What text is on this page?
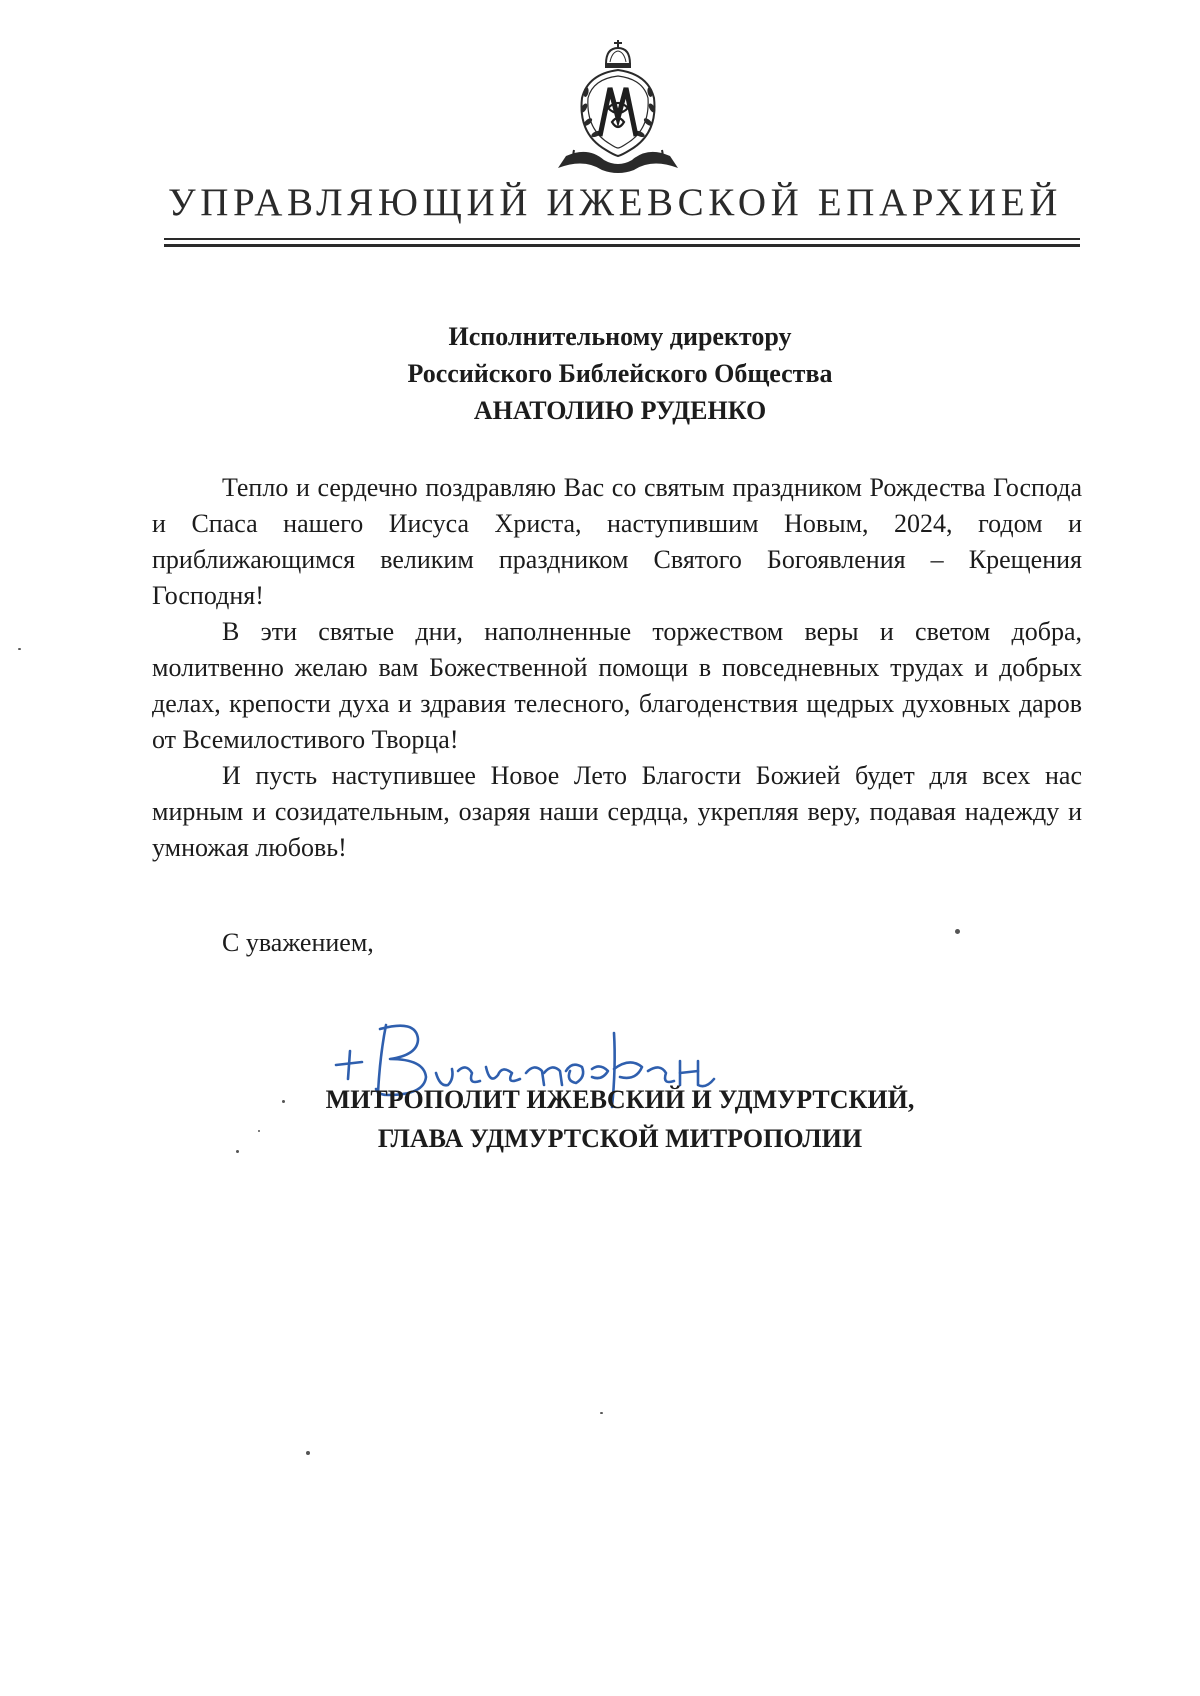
УПРАВЛЯЮЩИЙ ИЖЕВСКОЙ ЕПАРХИЕЙ
Исполнительному директору
Российского Библейского Общества
АНАТОЛИЮ РУДЕНКО

Тепло и сердечно поздравляю Вас со святым праздником Рождества Господа и Спаса нашего Иисуса Христа, наступившим Новым, 2024, годом и приближающимся великим праздником Святого Богоявления – Крещения Господня!

В эти святые дни, наполненные торжеством веры и светом добра, молитвенно желаю вам Божественной помощи в повседневных трудах и добрых делах, крепости духа и здравия телесного, благоденствия щедрых духовных даров от Всемилостивого Творца!

И пусть наступившее Новое Лето Благости Божией будет для всех нас мирным и созидательным, озаряя наши сердца, укрепляя веру, подавая надежду и умножая любовь!

С уважением,
МИТРОПОЛИТ ИЖЕВСКИЙ И УДМУРТСКИЙ,
ГЛАВА УДМУРТСКОЙ МИТРОПОЛИИ
